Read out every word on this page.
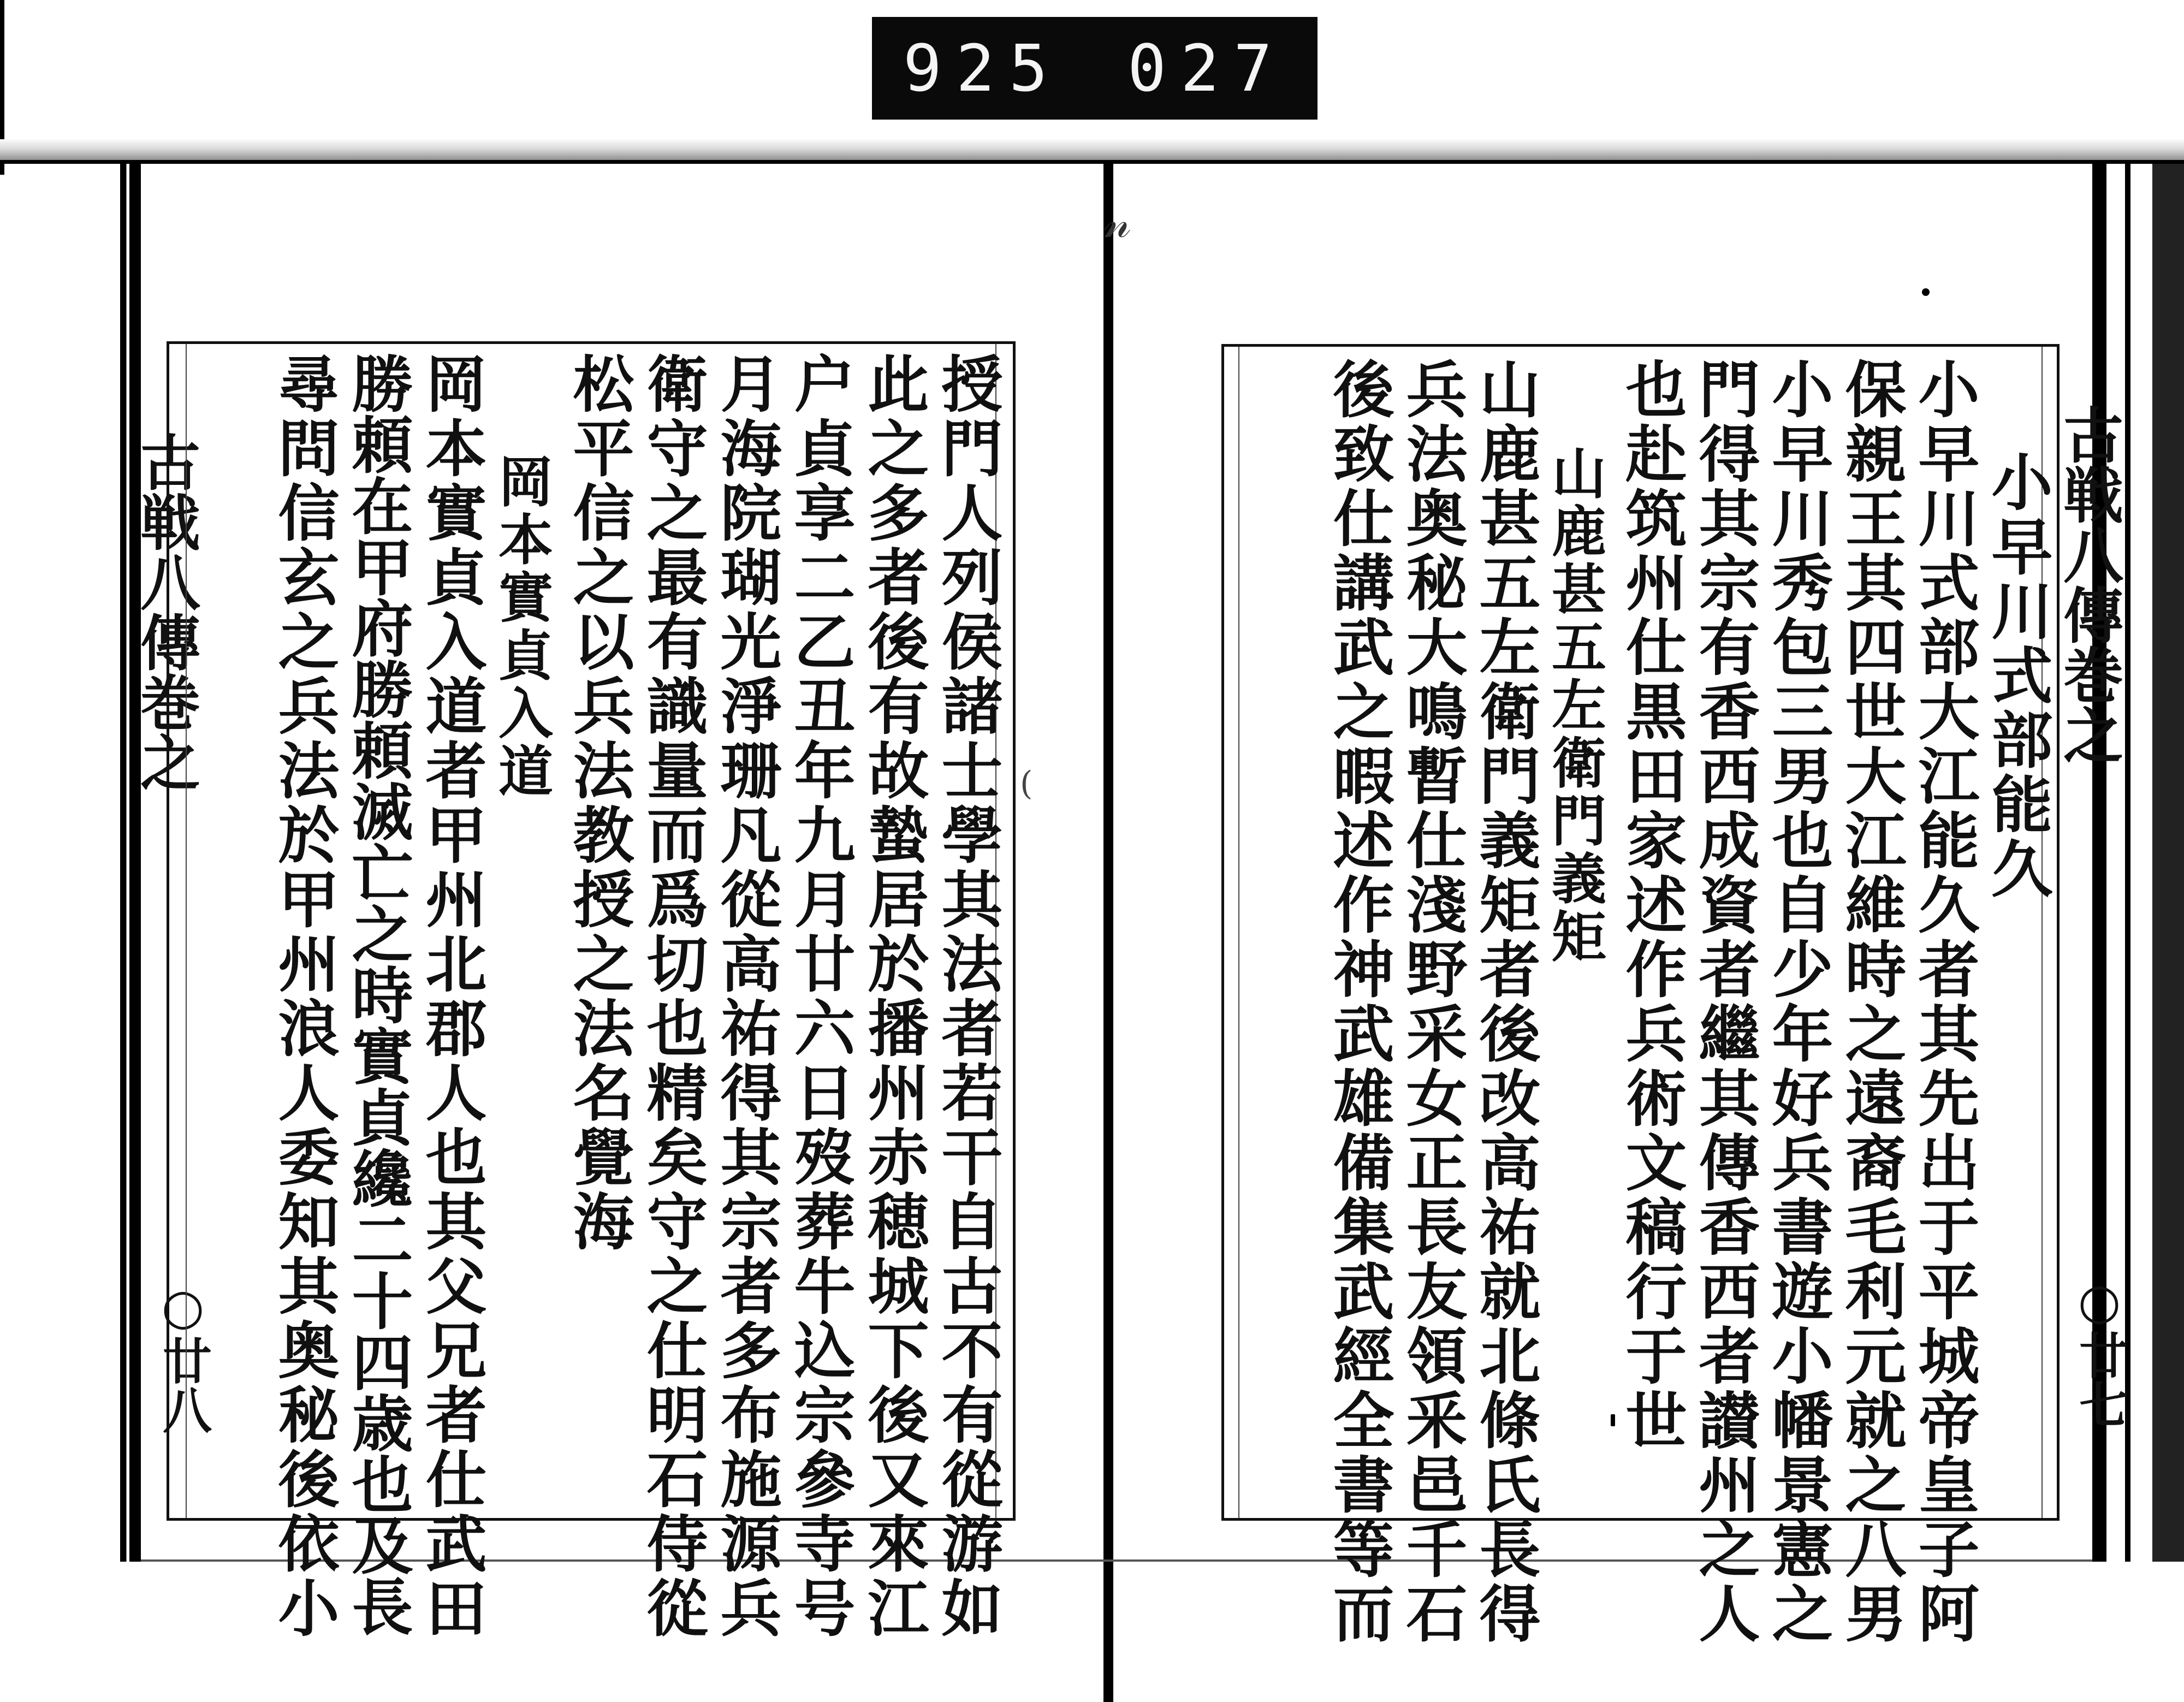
925 027
𝓃
古戦八傳巻之	古戦八傳巻之
○廿八	○廿七
(	小早川式部能久
小早川式部大江能久者其先出于平城帝皇子阿
保親王其四世大江維時之遠裔毛利元就之八男
小早川秀包三男也自少年好兵書遊小幡景憲之
門得其宗有香西成資者繼其傳香西者讃州之人
也赴筑州仕黒田家述作兵術文稿行于世
山鹿甚五左衛門義矩
山鹿甚五左衛門義矩者後改高祐就北條氏長得
兵法奥秘大鳴暫仕淺野采女正長友領釆邑千石
後致仕講武之暇述作神武雄備集武經全書等而
授門人列侯諸士學其法者若干自古不有從游如
此之多者後有故蟄居於播州赤穂城下後又來江
户貞享二乙丑年九月廿六日歿葬牛込宗參寺号
月海院瑚光淨珊凡從高祐得其宗者多布施源兵
衛守之最有識量而爲切也精矣守之仕明石侍從
松平信之以兵法教授之法名覺海
岡本實貞入道
岡本實貞入道者甲州北郡人也其父兄者仕武田
勝頼在甲府勝頼滅亡之時實貞纔二十四歳也及長
尋問信玄之兵法於甲州浪人委知其奥秘後依小
